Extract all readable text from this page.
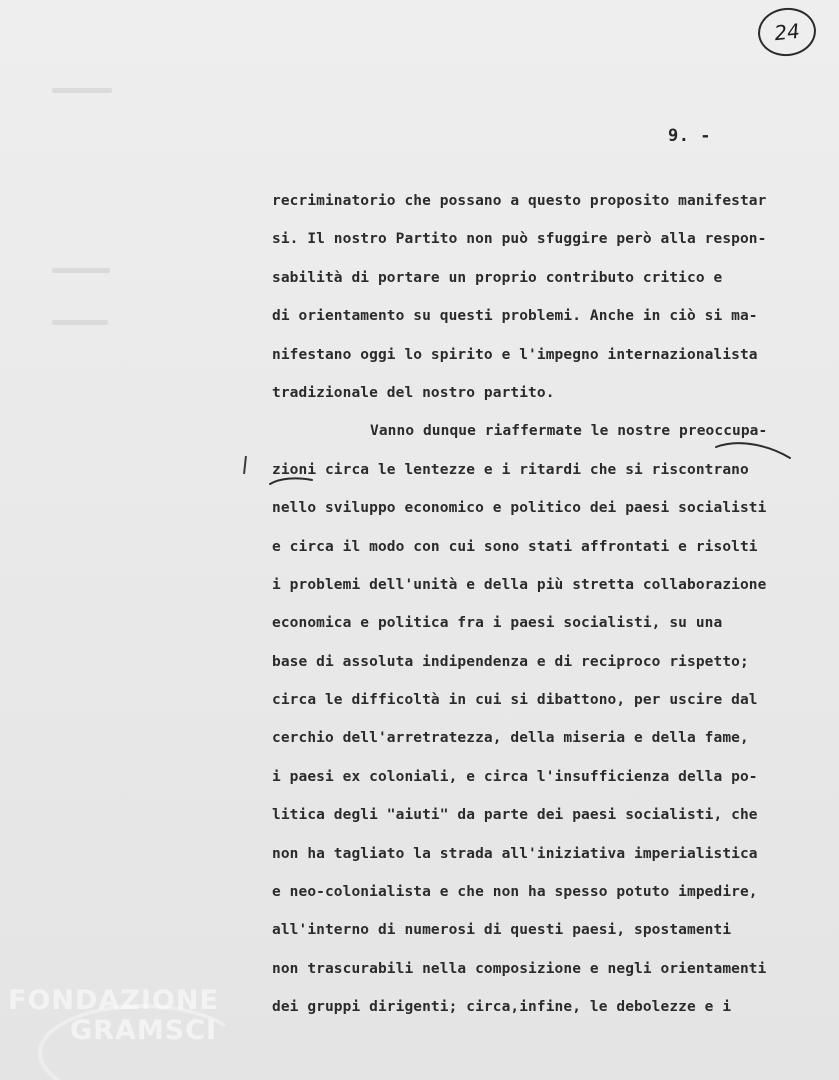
24
9. -
recriminatorio che possano a questo proposito manifestar
si. Il nostro Partito non può sfuggire però alla respon-
sabilità di portare un proprio contributo critico e
di orientamento su questi problemi. Anche in ciò si ma-
nifestano oggi lo spirito e l'impegno internazionalista
tradizionale del nostro partito.
Vanno dunque riaffermate le nostre preoccupa-
zioni circa le lentezze e i ritardi che si riscontrano
nello sviluppo economico e politico dei paesi socialisti
e circa il modo con cui sono stati affrontati e risolti
i problemi dell'unità e della più stretta collaborazione
economica e politica fra i paesi socialisti, su una
base di assoluta indipendenza e di reciproco rispetto;
circa le difficoltà in cui si dibattono, per uscire dal
cerchio dell'arretratezza, della miseria e della fame,
i paesi ex coloniali, e circa l'insufficienza della po-
litica degli "aiuti" da parte dei paesi socialisti, che
non ha tagliato la strada all'iniziativa imperialistica
e neo-colonialista e che non ha spesso potuto impedire,
all'interno di numerosi di questi paesi, spostamenti
non trascurabili nella composizione e negli orientamenti
dei gruppi dirigenti; circa,infine, le debolezze e i
FONDAZIONE
GRAMSCI
